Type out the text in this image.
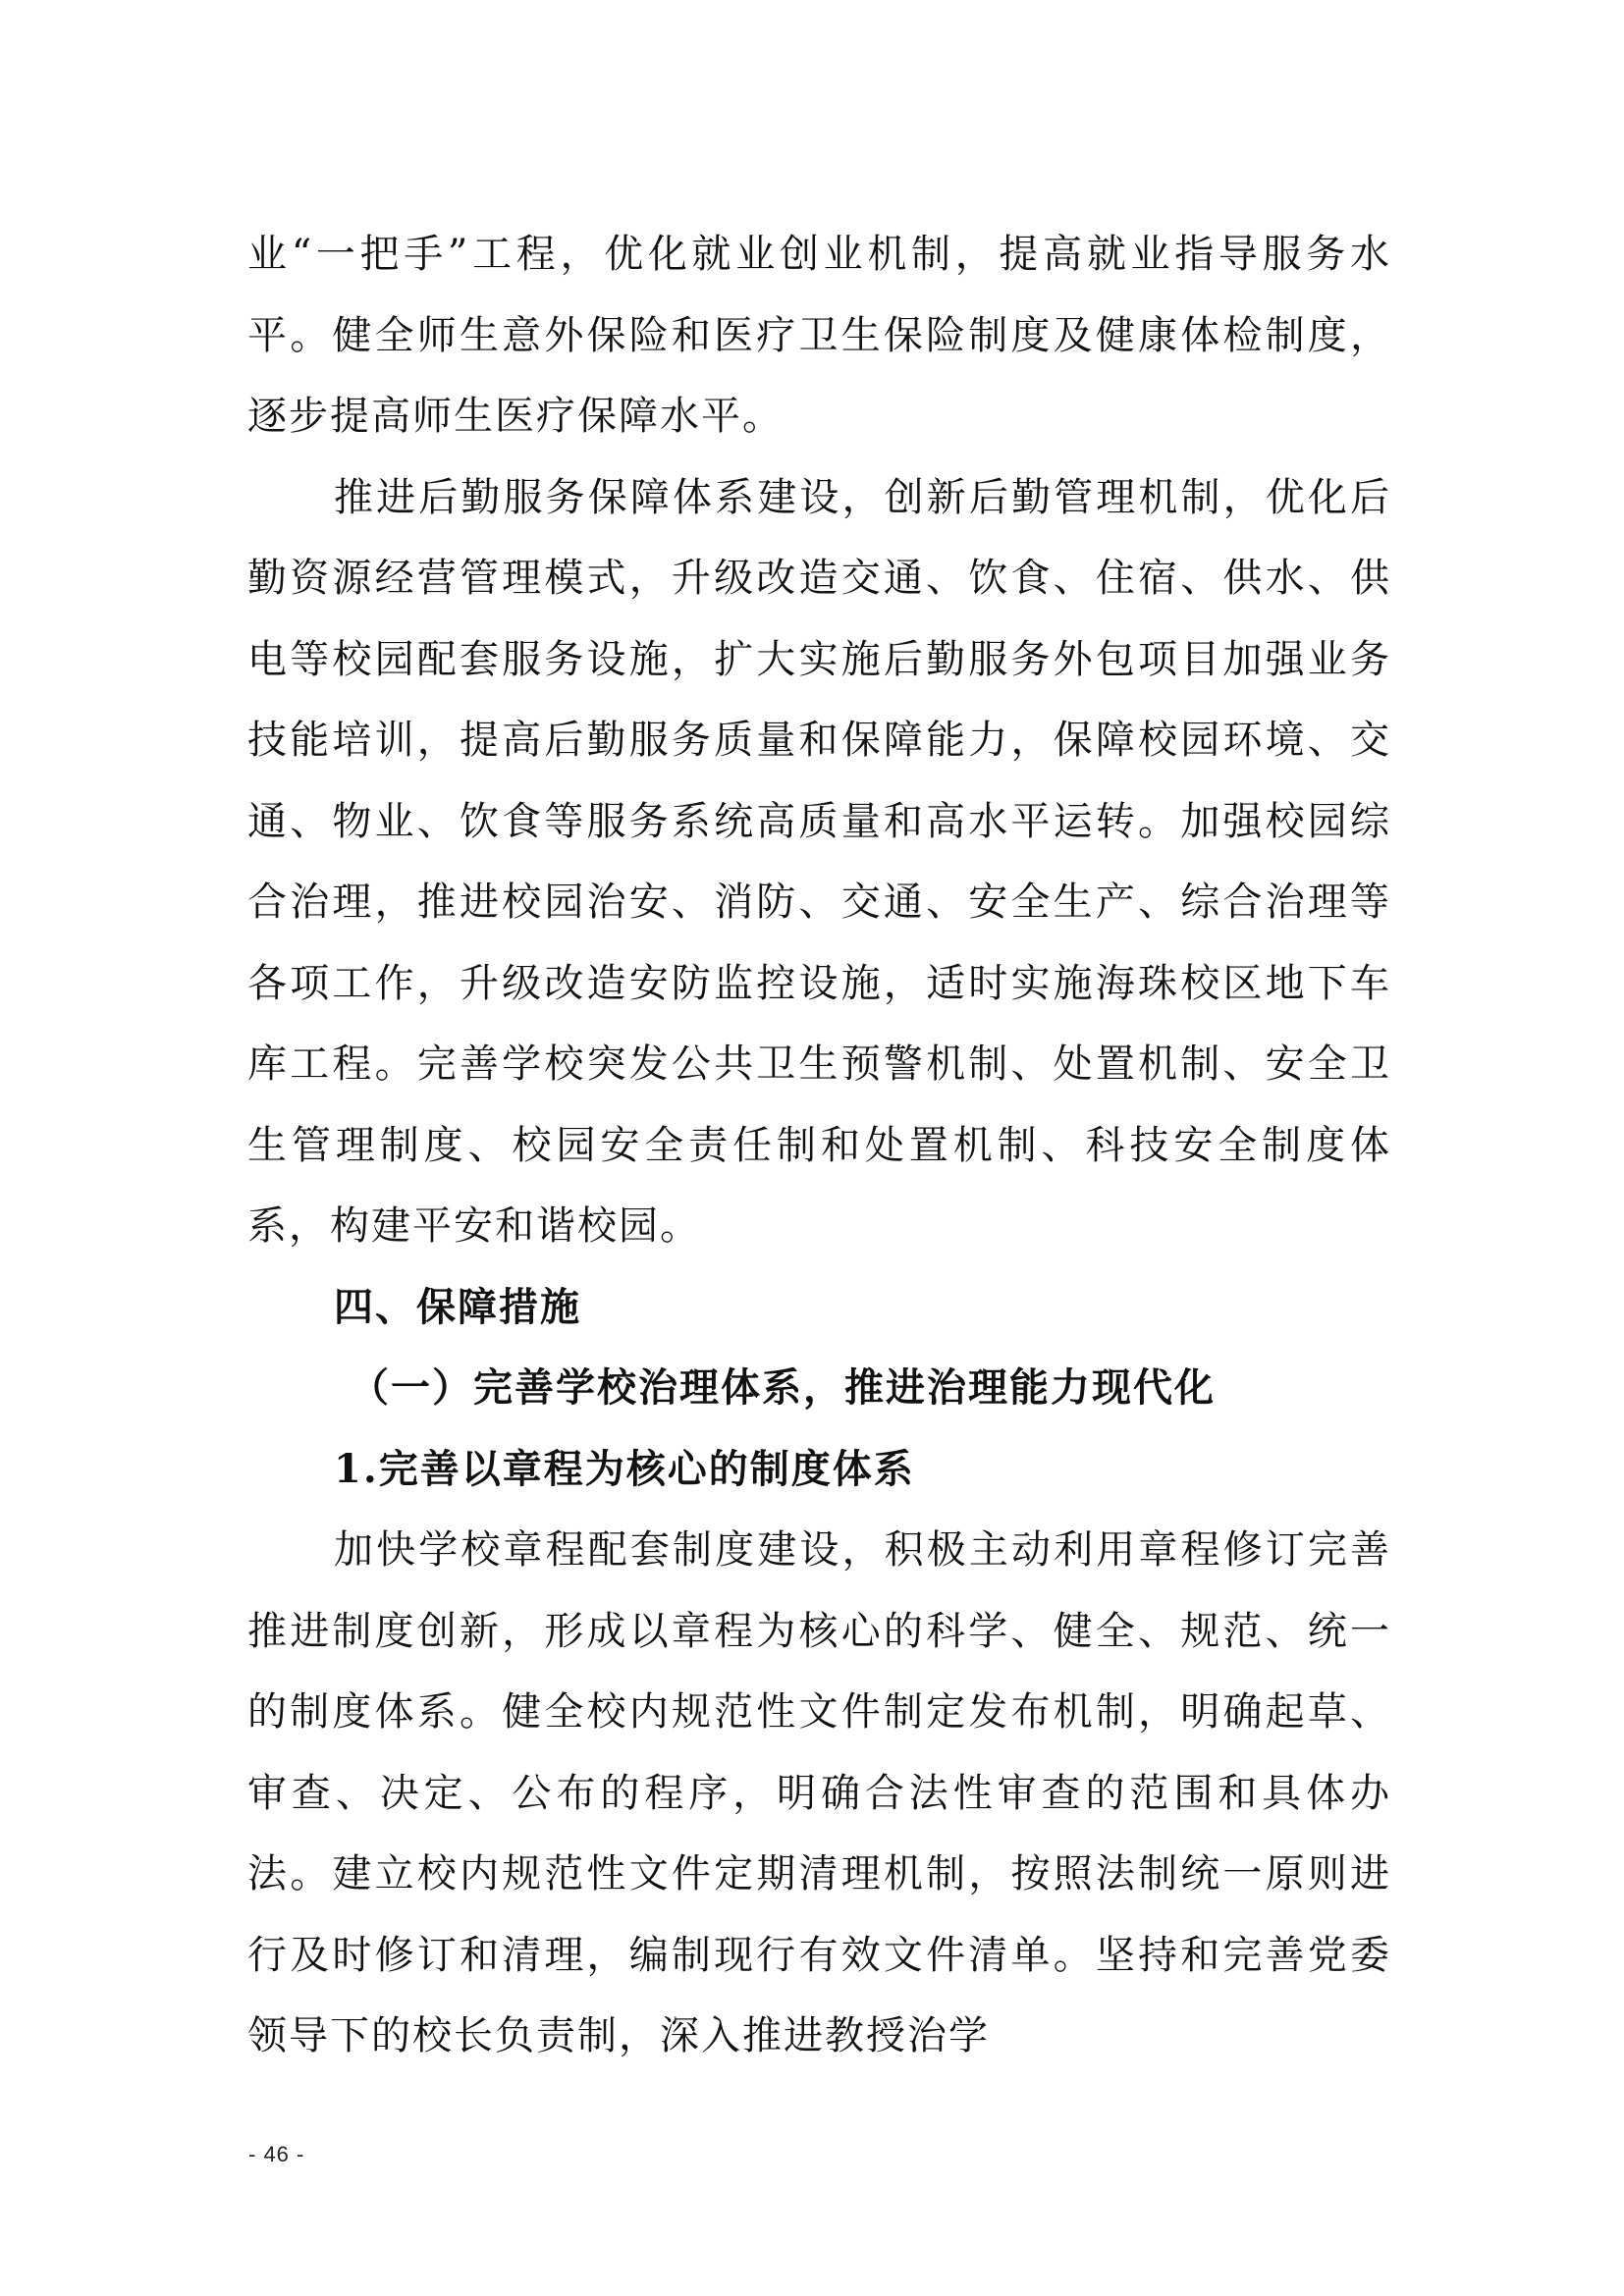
业“一把手”工程，优化就业创业机制，提高就业指导服务水平。健全师生意外保险和医疗卫生保险制度及健康体检制度，逐步提高师生医疗保障水平。

推进后勤服务保障体系建设，创新后勤管理机制，优化后勤资源经营管理模式，升级改造交通、饮食、住宿、供水、供电等校园配套服务设施，扩大实施后勤服务外包项目加强业务技能培训，提高后勤服务质量和保障能力，保障校园环境、交通、物业、饮食等服务系统高质量和高水平运转。加强校园综合治理，推进校园治安、消防、交通、安全生产、综合治理等各项工作，升级改造安防监控设施，适时实施海珠校区地下车库工程。完善学校突发公共卫生预警机制、处置机制、安全卫生管理制度、校园安全责任制和处置机制、科技安全制度体系，构建平安和谐校园。

四、保障措施
（一）完善学校治理体系，推进治理能力现代化
1.完善以章程为核心的制度体系

加快学校章程配套制度建设，积极主动利用章程修订完善推进制度创新，形成以章程为核心的科学、健全、规范、统一的制度体系。健全校内规范性文件制定发布机制，明确起草、审查、决定、公布的程序，明确合法性审查的范围和具体办法。建立校内规范性文件定期清理机制，按照法制统一原则进行及时修订和清理，编制现行有效文件清单。坚持和完善党委领导下的校长负责制，深入推进教授治学

- 46 -
